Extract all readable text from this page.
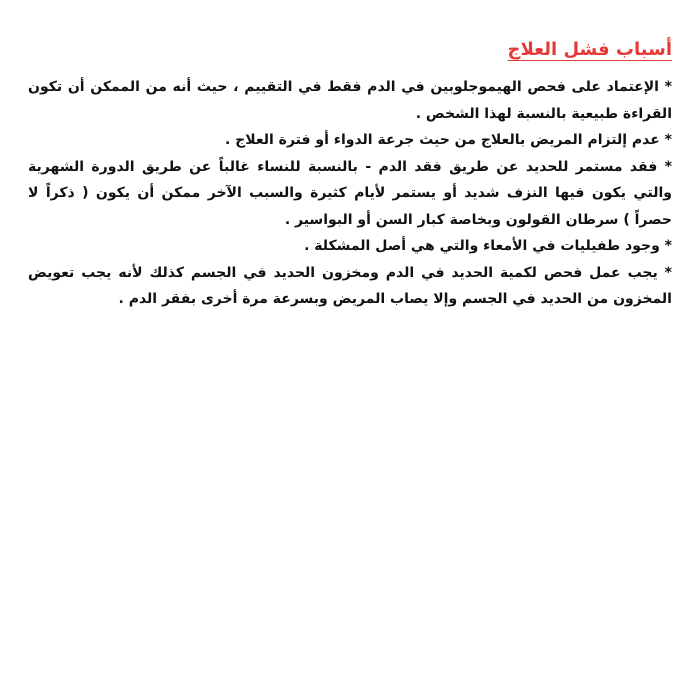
أسباب فشل العلاج

* الإعتماد على فحص الهيموجلوبين في الدم فقط في التقييم ، حيث أنه من الممكن أن تكون القراءة طبيعية بالنسبة لهذا الشخص .

* عدم إلتزام المريض بالعلاج من حيث جرعة الدواء أو فترة العلاج .

* فقد مستمر للحديد عن طريق فقد الدم - بالنسبة للنساء غالباً عن طريق الدورة الشهرية والتي يكون فيها النزف شديد أو يستمر لأيام كثيرة والسبب الآخر ممكن أن يكون ( ذكراً لا حصراً ) سرطان القولون وبخاصة كبار السن أو البواسير .

* وجود طفيليات في الأمعاء والتي هي أصل المشكلة .

* يجب عمل فحص لكمية الحديد في الدم ومخزون الحديد في الجسم كذلك لأنه يجب تعويض المخزون من الحديد في الجسم وإلا يصاب المريض وبسرعة مرة أخرى بفقر الدم .
